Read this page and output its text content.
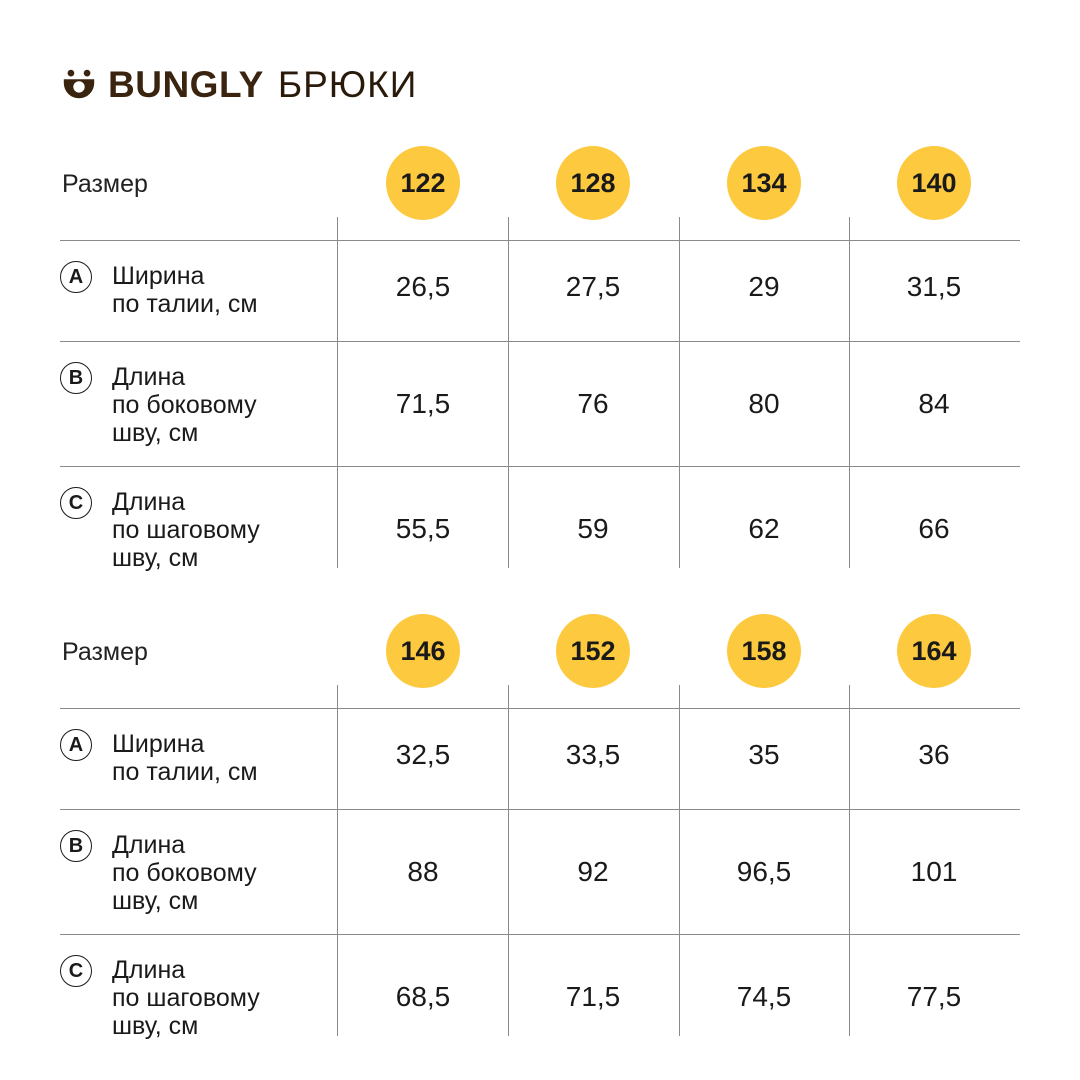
BUNGLY БРЮКИ
Размер	122	128	134	140
A	Ширина
по талии, см
26,5	27,5	29	31,5
B	Длина
по боковому
шву, см
71,5	76	80	84
C	Длина
по шаговому
шву, см
55,5	59	62	66
Размер	146	152	158	164
A	Ширина
по талии, см
32,5	33,5	35	36
B	Длина
по боковому
шву, см
88	92	96,5	101
C	Длина
по шаговому
шву, см
68,5	71,5	74,5	77,5
